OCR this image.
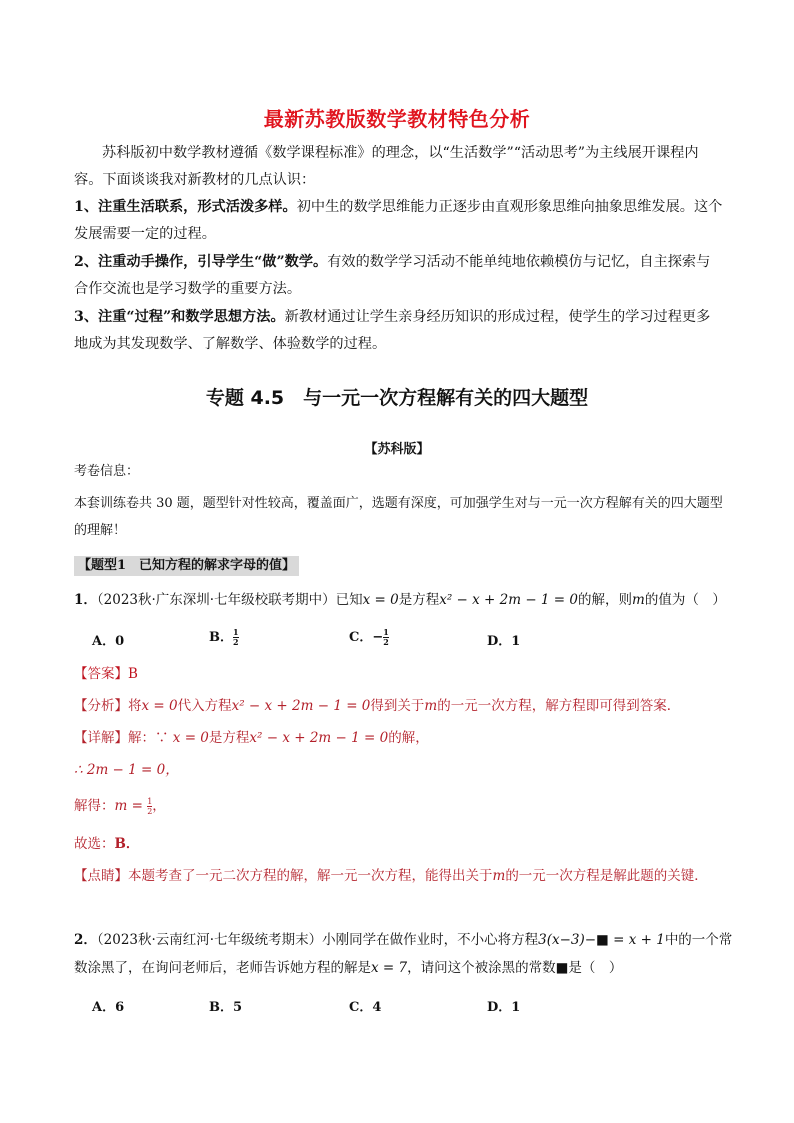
最新苏教版数学教材特色分析
苏科版初中数学教材遵循《数学课程标准》的理念，以“生活数学”“活动思考”为主线展开课程内容。下面谈谈我对新教材的几点认识：
1、注重生活联系，形式活泼多样。初中生的数学思维能力正逐步由直观形象思维向抽象思维发展。这个发展需要一定的过程。
2、注重动手操作，引导学生“做”数学。有效的数学学习活动不能单纯地依赖模仿与记忆，自主探索与合作交流也是学习数学的重要方法。
3、注重“过程”和数学思想方法。新教材通过让学生亲身经历知识的形成过程，使学生的学习过程更多地成为其发现数学、了解数学、体验数学的过程。
专题 4.5　与一元一次方程解有关的四大题型
【苏科版】
考卷信息：
本套训练卷共 30 题，题型针对性较高，覆盖面广，选题有深度，可加强学生对与一元一次方程解有关的四大题型的理解！
【题型1　已知方程的解求字母的值】
1．（2023秋·广东深圳·七年级校联考期中）已知x = 0是方程x² − x + 2m − 1 = 0的解，则m的值为（　）
A．0	B． $\frac{1}{2}$	C．− $\frac{1}{2}$	D．1
【答案】B
【分析】将x = 0代入方程x² − x + 2m − 1 = 0得到关于m的一元一次方程，解方程即可得到答案．
【详解】解：∵ x = 0是方程x² − x + 2m − 1 = 0的解，
∴ 2m − 1 = 0，
解得：$m = \frac{1}{2}$ ，
故选：B．
【点睛】本题考查了一元二次方程的解，解一元一次方程，能得出关于m的一元一次方程是解此题的关键．
2．（2023秋·云南红河·七年级统考期末）小刚同学在做作业时，不小心将方程3(x−3)−■ = x + 1中的一个常数涂黑了，在询问老师后，老师告诉她方程的解是x = 7，请问这个被涂黑的常数■是（　）
A．6	B．5	C．4	D．1
